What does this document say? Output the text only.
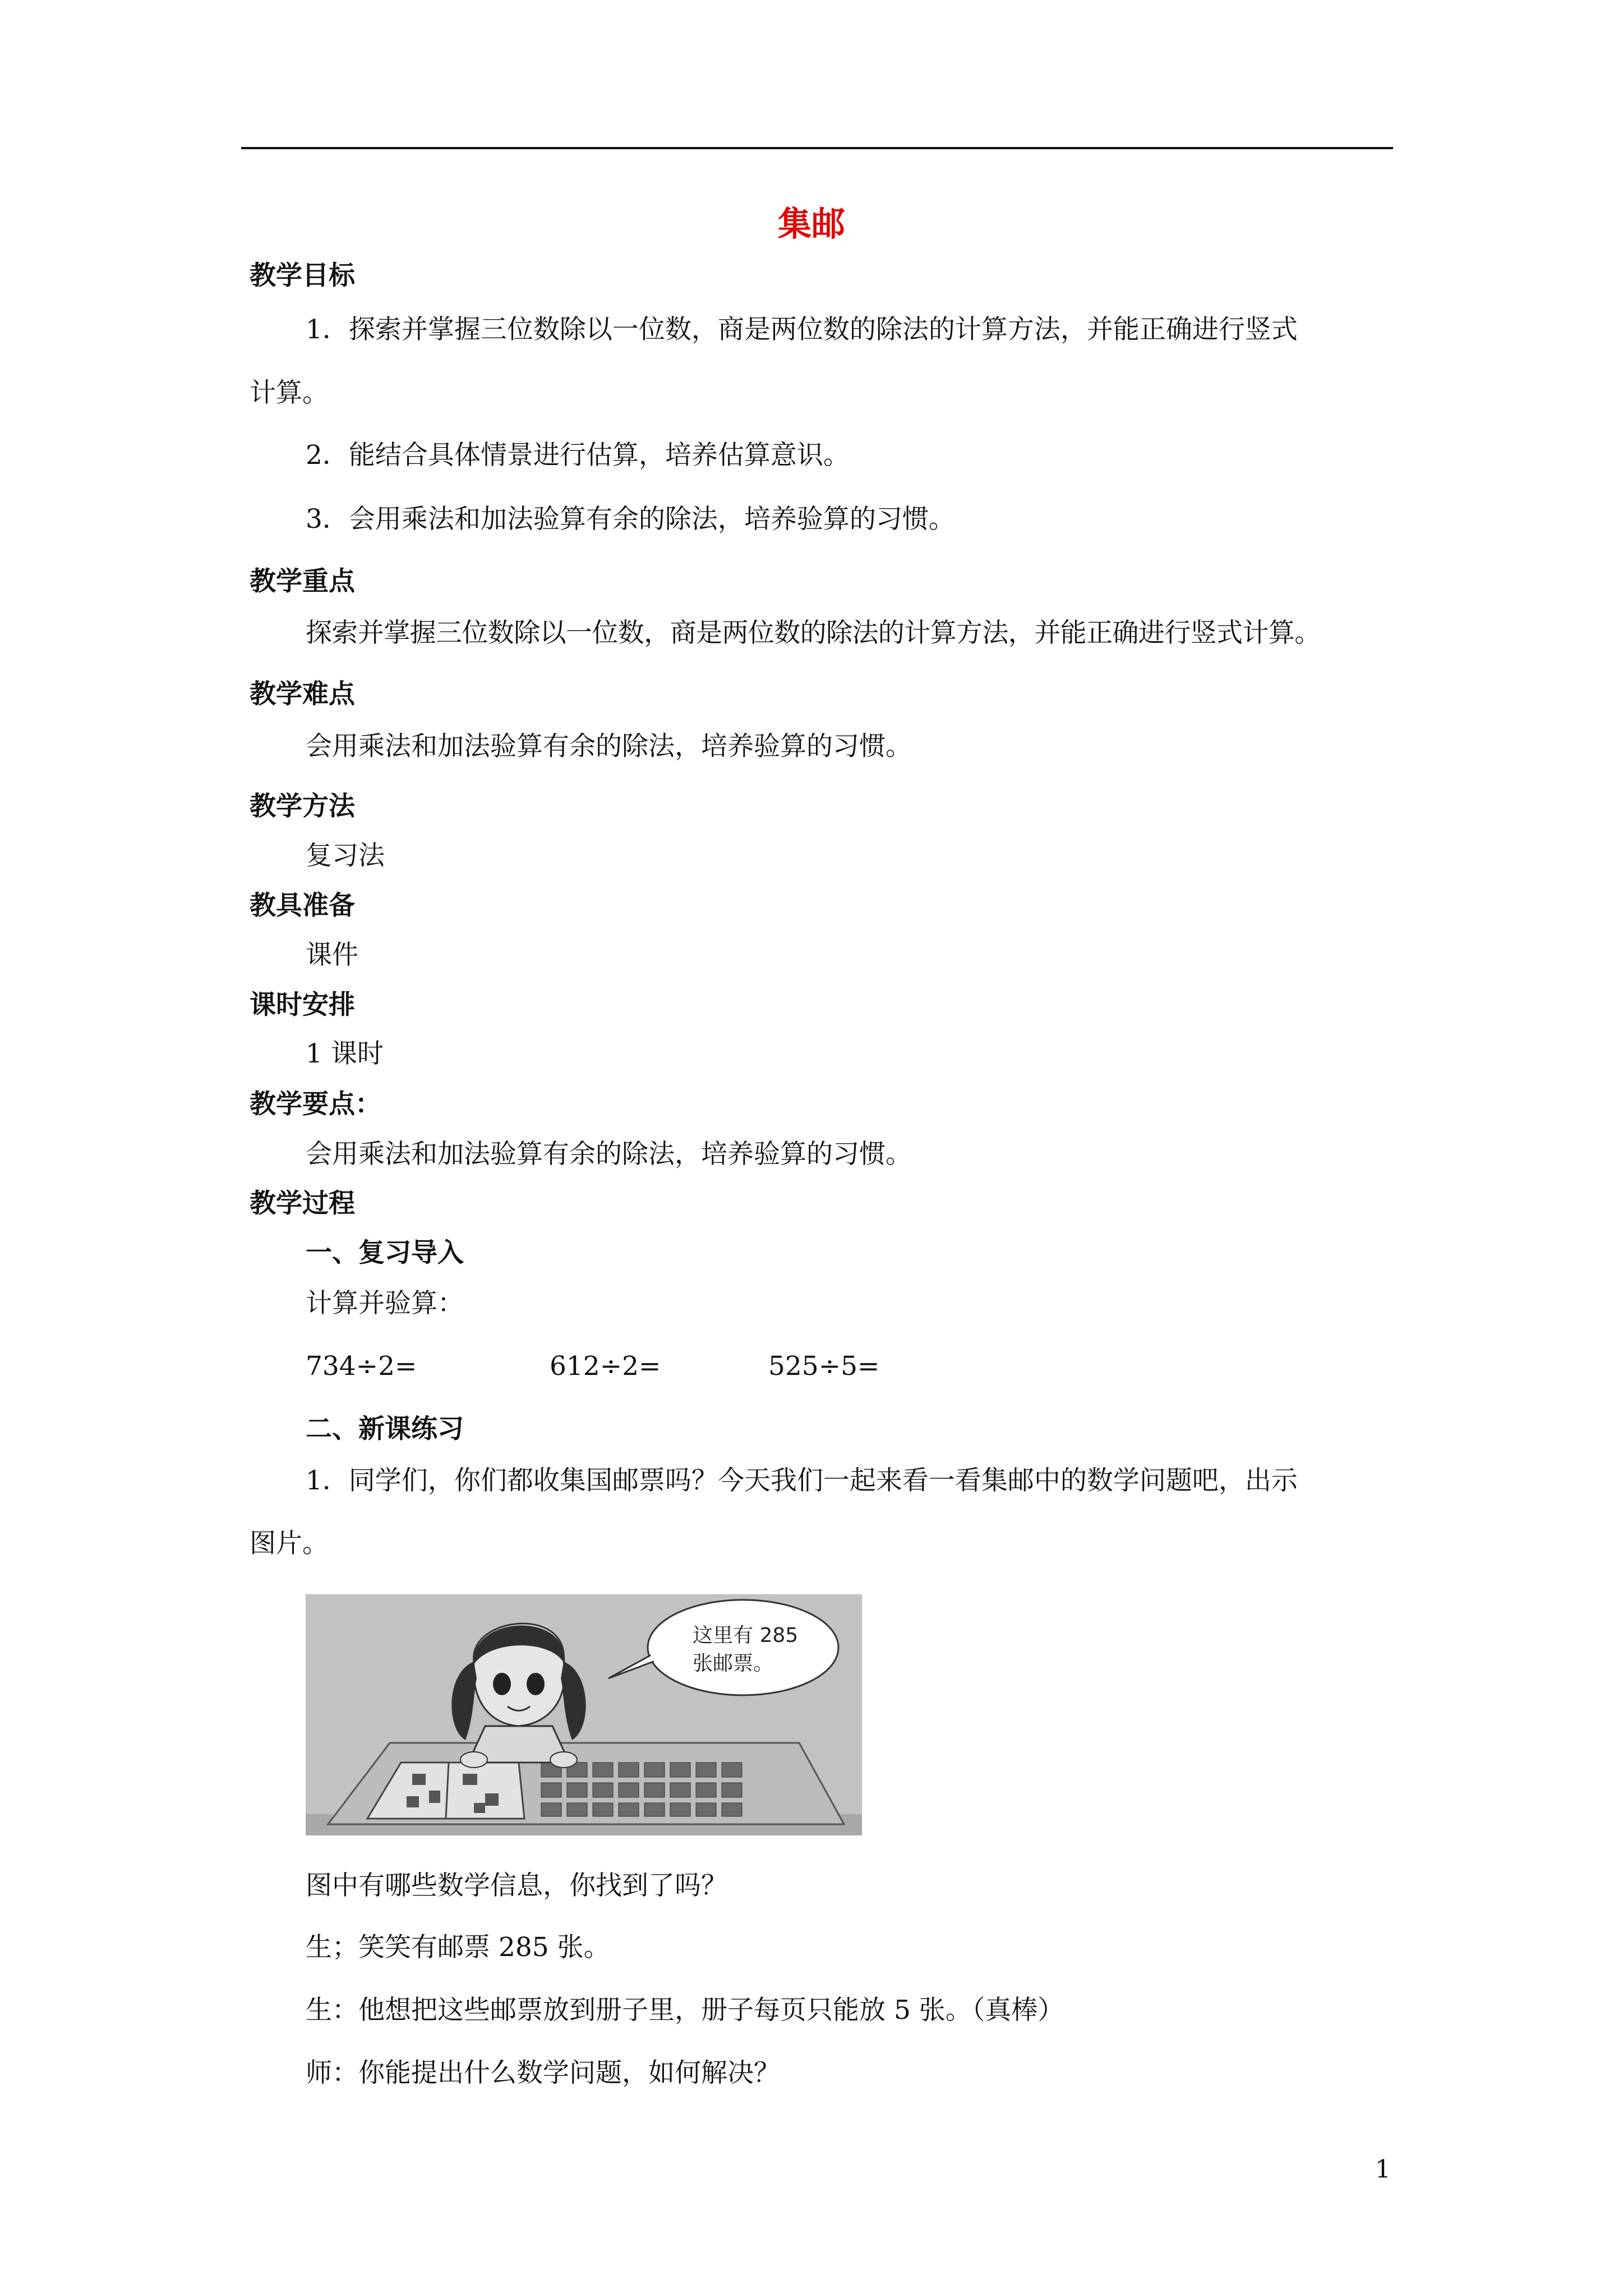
集邮
教学目标
1．探索并掌握三位数除以一位数，商是两位数的除法的计算方法，并能正确进行竖式
计算。
2．能结合具体情景进行估算，培养估算意识。
3．会用乘法和加法验算有余的除法，培养验算的习惯。
教学重点
探索并掌握三位数除以一位数，商是两位数的除法的计算方法，并能正确进行竖式计算。
教学难点
会用乘法和加法验算有余的除法，培养验算的习惯。
教学方法
复习法
教具准备
课件
课时安排
1 课时
教学要点：
会用乘法和加法验算有余的除法，培养验算的习惯。
教学过程
一、复习导入
计算并验算：
734÷2=	612÷2=	525÷5=
二、新课练习
1．同学们，你们都收集国邮票吗？今天我们一起来看一看集邮中的数学问题吧，出示
图片。
这里有 285
张邮票。
图中有哪些数学信息，你找到了吗？
生；笑笑有邮票 285 张。
生：他想把这些邮票放到册子里，册子每页只能放 5 张。（真棒）
师：你能提出什么数学问题，如何解决？
1
